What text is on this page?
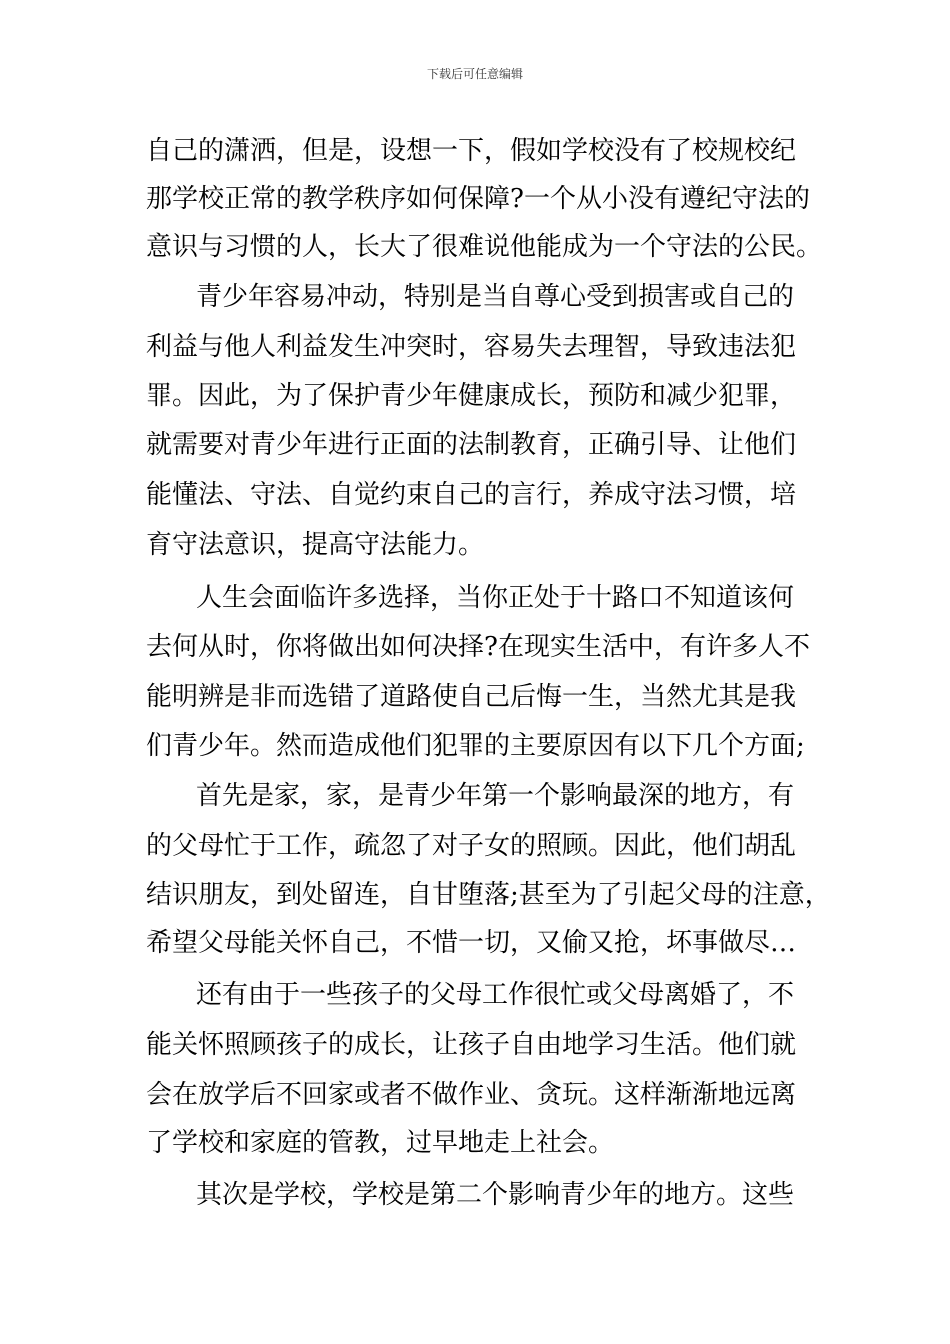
下载后可任意编辑
自己的潇洒，但是，设想一下，假如学校没有了校规校纪
那学校正常的教学秩序如何保障?一个从小没有遵纪守法的
意识与习惯的人，长大了很难说他能成为一个守法的公民。
青少年容易冲动，特别是当自尊心受到损害或自己的
利益与他人利益发生冲突时，容易失去理智，导致违法犯
罪。因此，为了保护青少年健康成长，预防和减少犯罪，
就需要对青少年进行正面的法制教育，正确引导、让他们
能懂法、守法、自觉约束自己的言行，养成守法习惯，培
育守法意识，提高守法能力。
人生会面临许多选择，当你正处于十路口不知道该何
去何从时，你将做出如何决择?在现实生活中，有许多人不
能明辨是非而选错了道路使自己后悔一生，当然尤其是我
们青少年。然而造成他们犯罪的主要原因有以下几个方面;
首先是家，家，是青少年第一个影响最深的地方，有
的父母忙于工作，疏忽了对子女的照顾。因此，他们胡乱
结识朋友，到处留连，自甘堕落;甚至为了引起父母的注意，
希望父母能关怀自己，不惜一切，又偷又抢，坏事做尽…
还有由于一些孩子的父母工作很忙或父母离婚了，不
能关怀照顾孩子的成长，让孩子自由地学习生活。他们就
会在放学后不回家或者不做作业、贪玩。这样渐渐地远离
了学校和家庭的管教，过早地走上社会。
其次是学校，学校是第二个影响青少年的地方。这些
